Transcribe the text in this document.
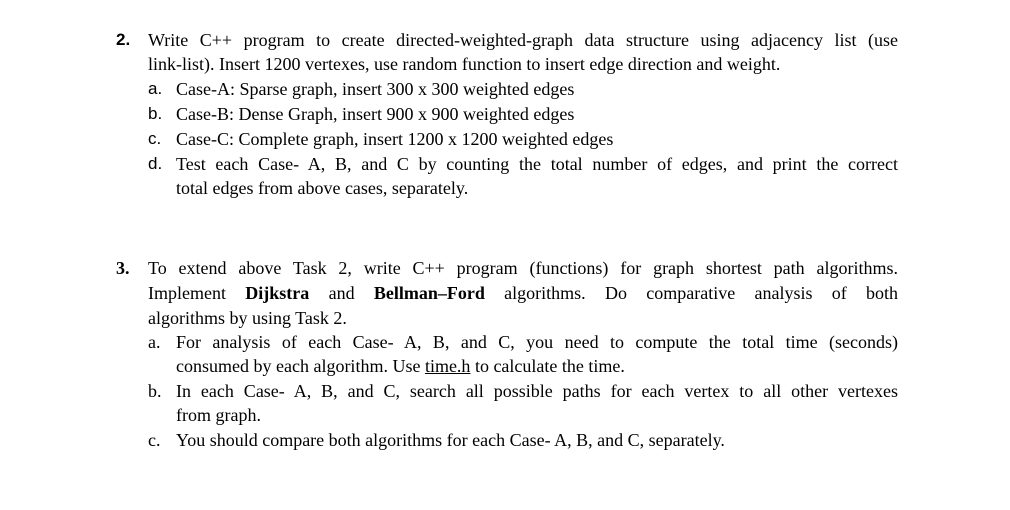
2. Write C++ program to create directed-weighted-graph data structure using adjacency list (use
link-list). Insert 1200 vertexes, use random function to insert edge direction and weight.
a. Case-A: Sparse graph, insert 300 x 300 weighted edges
b. Case-B: Dense Graph, insert 900 x 900 weighted edges
c. Case-C: Complete graph, insert 1200 x 1200 weighted edges
d. Test each Case- A, B, and C by counting the total number of edges, and print the correct
total edges from above cases, separately.
3. To extend above Task 2, write C++ program (functions) for graph shortest path algorithms.
Implement Dijkstra and Bellman–Ford algorithms. Do comparative analysis of both
algorithms by using Task 2.
a. For analysis of each Case- A, B, and C, you need to compute the total time (seconds)
consumed by each algorithm. Use time.h to calculate the time.
b. In each Case- A, B, and C, search all possible paths for each vertex to all other vertexes
from graph.
c. You should compare both algorithms for each Case- A, B, and C, separately.
